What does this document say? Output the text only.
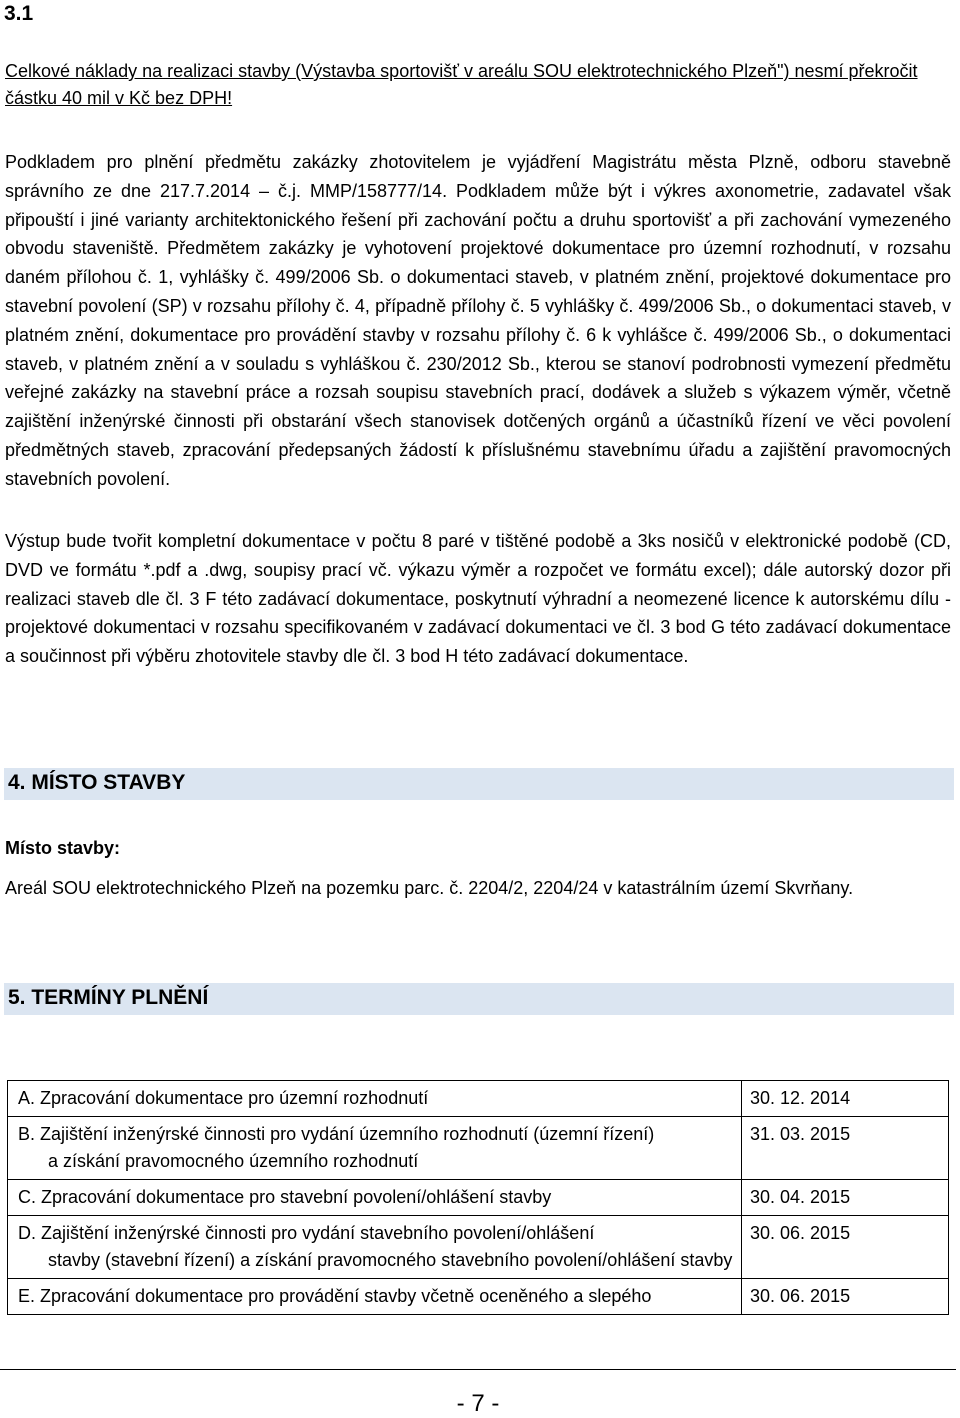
3.1
Celkové náklady na realizaci stavby (Výstavba sportovišť v areálu SOU elektrotechnického Plzeň") nesmí překročit částku 40 mil v Kč bez DPH!
Podkladem pro plnění předmětu zakázky zhotovitelem je vyjádření Magistrátu města Plzně, odboru stavebně správního ze dne 217.7.2014 – č.j. MMP/158777/14. Podkladem může být i výkres axonometrie, zadavatel však připouští i jiné varianty architektonického řešení při zachování počtu a druhu sportovišť a při zachování vymezeného obvodu staveniště. Předmětem zakázky je vyhotovení projektové dokumentace pro územní rozhodnutí, v rozsahu daném přílohou č. 1, vyhlášky č. 499/2006 Sb. o dokumentaci staveb, v platném znění, projektové dokumentace pro stavební povolení (SP) v rozsahu přílohy č. 4, případně přílohy č. 5 vyhlášky č. 499/2006 Sb., o dokumentaci staveb, v platném znění, dokumentace pro provádění stavby v rozsahu přílohy č. 6 k vyhlášce č. 499/2006 Sb., o dokumentaci staveb, v platném znění a v souladu s vyhláškou č. 230/2012 Sb., kterou se stanoví podrobnosti vymezení předmětu veřejné zakázky na stavební práce a rozsah soupisu stavebních prací, dodávek a služeb s výkazem výměr, včetně zajištění inženýrské činnosti při obstarání všech stanovisek dotčených orgánů a účastníků řízení ve věci povolení předmětných staveb, zpracování předepsaných žádostí k příslušnému stavebnímu úřadu a zajištění pravomocných stavebních povolení.
Výstup bude tvořit kompletní dokumentace v počtu 8 paré v tištěné podobě a 3ks nosičů v elektronické podobě (CD, DVD ve formátu *.pdf a .dwg, soupisy prací vč. výkazu výměr a rozpočet ve formátu excel); dále autorský dozor při realizaci staveb dle čl. 3 F této zadávací dokumentace, poskytnutí výhradní a neomezené licence k autorskému dílu - projektové dokumentaci v rozsahu specifikovaném v zadávací dokumentaci ve čl. 3 bod G této zadávací dokumentace a součinnost při výběru zhotovitele stavby dle čl. 3 bod H této zadávací dokumentace.
4. MÍSTO STAVBY
Místo stavby:
Areál SOU elektrotechnického Plzeň na pozemku parc. č. 2204/2, 2204/24 v katastrálním území Skvrňany.
5. TERMÍNY PLNĚNÍ
A. Zpracování dokumentace pro územní rozhodnutí	30. 12. 2014
B. Zajištění inženýrské činnosti pro vydání územního rozhodnutí (územní řízení)
a získání pravomocného územního rozhodnutí	31. 03. 2015
C. Zpracování dokumentace pro stavební povolení/ohlášení stavby	30. 04. 2015
D. Zajištění inženýrské činnosti pro vydání stavebního povolení/ohlášení
stavby (stavební řízení) a získání pravomocného stavebního povolení/ohlášení stavby	30. 06. 2015
E. Zpracování dokumentace pro provádění stavby včetně oceněného a slepého	30. 06. 2015
- 7 -
